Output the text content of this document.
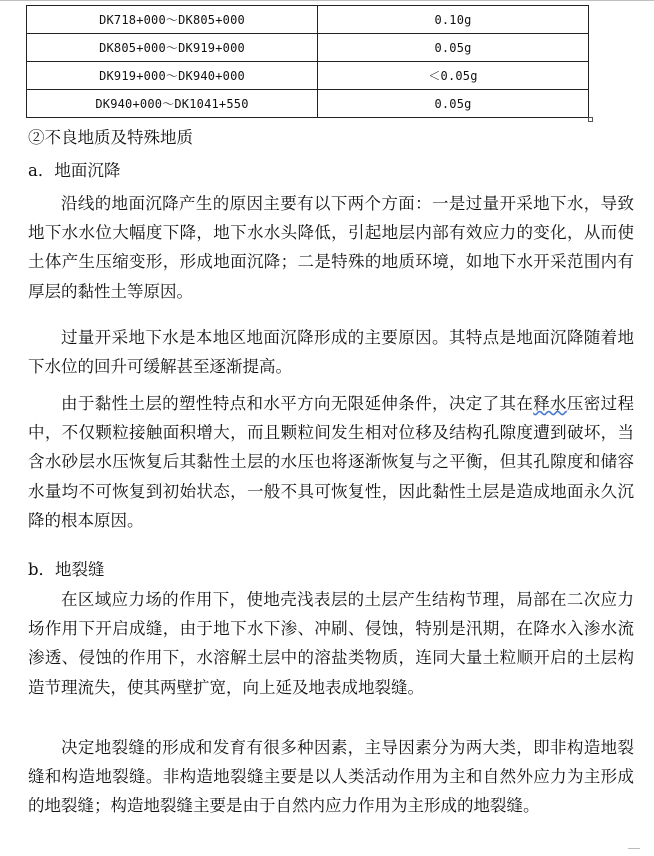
DK718+000～DK805+000	0.10g
DK805+000～DK919+000	0.05g
DK919+000～DK940+000	＜0.05g
DK940+000～DK1041+550	0.05g
②不良地质及特殊地质
a．地面沉降

沿线的地面沉降产生的原因主要有以下两个方面：一是过量开采地下水，导致地下水水位大幅度下降，地下水水头降低，引起地层内部有效应力的变化，从而使土体产生压缩变形，形成地面沉降；二是特殊的地质环境，如地下水开采范围内有厚层的黏性土等原因。

过量开采地下水是本地区地面沉降形成的主要原因。其特点是地面沉降随着地下水位的回升可缓解甚至逐渐提高。

由于黏性土层的塑性特点和水平方向无限延伸条件，决定了其在释水压密过程中，不仅颗粒接触面积增大，而且颗粒间发生相对位移及结构孔隙度遭到破坏，当含水砂层水压恢复后其黏性土层的水压也将逐渐恢复与之平衡，但其孔隙度和储容水量均不可恢复到初始状态，一般不具可恢复性，因此黏性土层是造成地面永久沉降的根本原因。

b．地裂缝

在区域应力场的作用下，使地壳浅表层的土层产生结构节理，局部在二次应力场作用下开启成缝，由于地下水下渗、冲刷、侵蚀，特别是汛期，在降水入渗水流渗透、侵蚀的作用下，水溶解土层中的溶盐类物质，连同大量土粒顺开启的土层构造节理流失，使其两壁扩宽，向上延及地表成地裂缝。

决定地裂缝的形成和发育有很多种因素，主导因素分为两大类，即非构造地裂缝和构造地裂缝。非构造地裂缝主要是以人类活动作用为主和自然外应力为主形成的地裂缝；构造地裂缝主要是由于自然内应力作用为主形成的地裂缝。
